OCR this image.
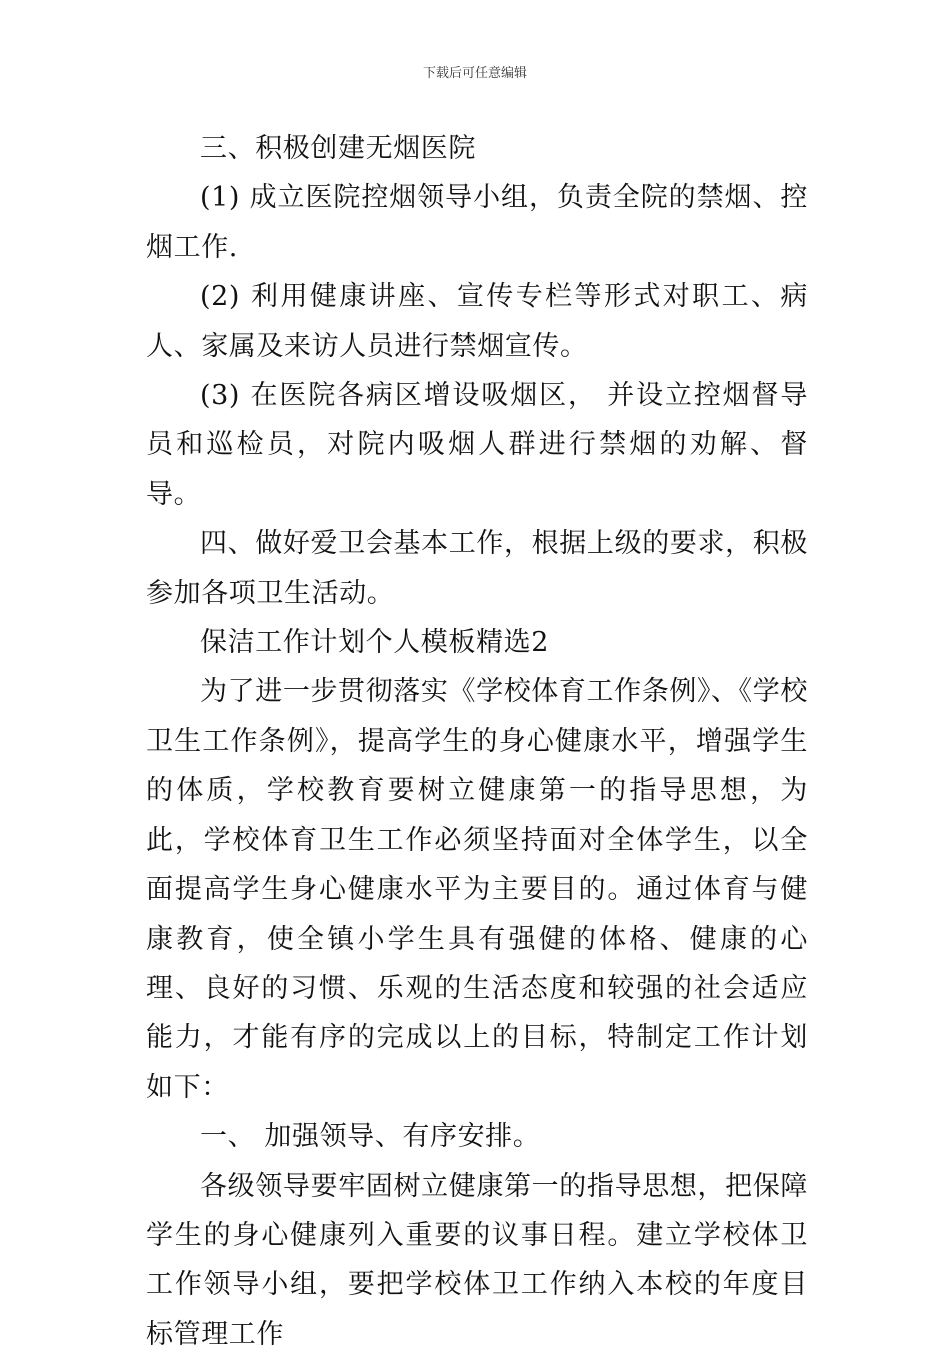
下载后可任意编辑

三、积极创建无烟医院

(1) 成立医院控烟领导小组，负责全院的禁烟、控烟工作.

(2) 利用健康讲座、宣传专栏等形式对职工、病人、家属及来访人员进行禁烟宣传。

(3) 在医院各病区增设吸烟区， 并设立控烟督导员和巡检员，对院内吸烟人群进行禁烟的劝解、督导。

四、做好爱卫会基本工作，根据上级的要求，积极参加各项卫生活动。

保洁工作计划个人模板精选2

为了进一步贯彻落实《学校体育工作条例》、《学校卫生工作条例》，提高学生的身心健康水平，增强学生的体质，学校教育要树立健康第一的指导思想，为此，学校体育卫生工作必须坚持面对全体学生，以全面提高学生身心健康水平为主要目的。通过体育与健康教育，使全镇小学生具有强健的体格、健康的心理、良好的习惯、乐观的生活态度和较强的社会适应能力，才能有序的完成以上的目标，特制定工作计划如下：

一、 加强领导、有序安排。

各级领导要牢固树立健康第一的指导思想，把保障学生的身心健康列入重要的议事日程。建立学校体卫工作领导小组，要把学校体卫工作纳入本校的年度目标管理工作
